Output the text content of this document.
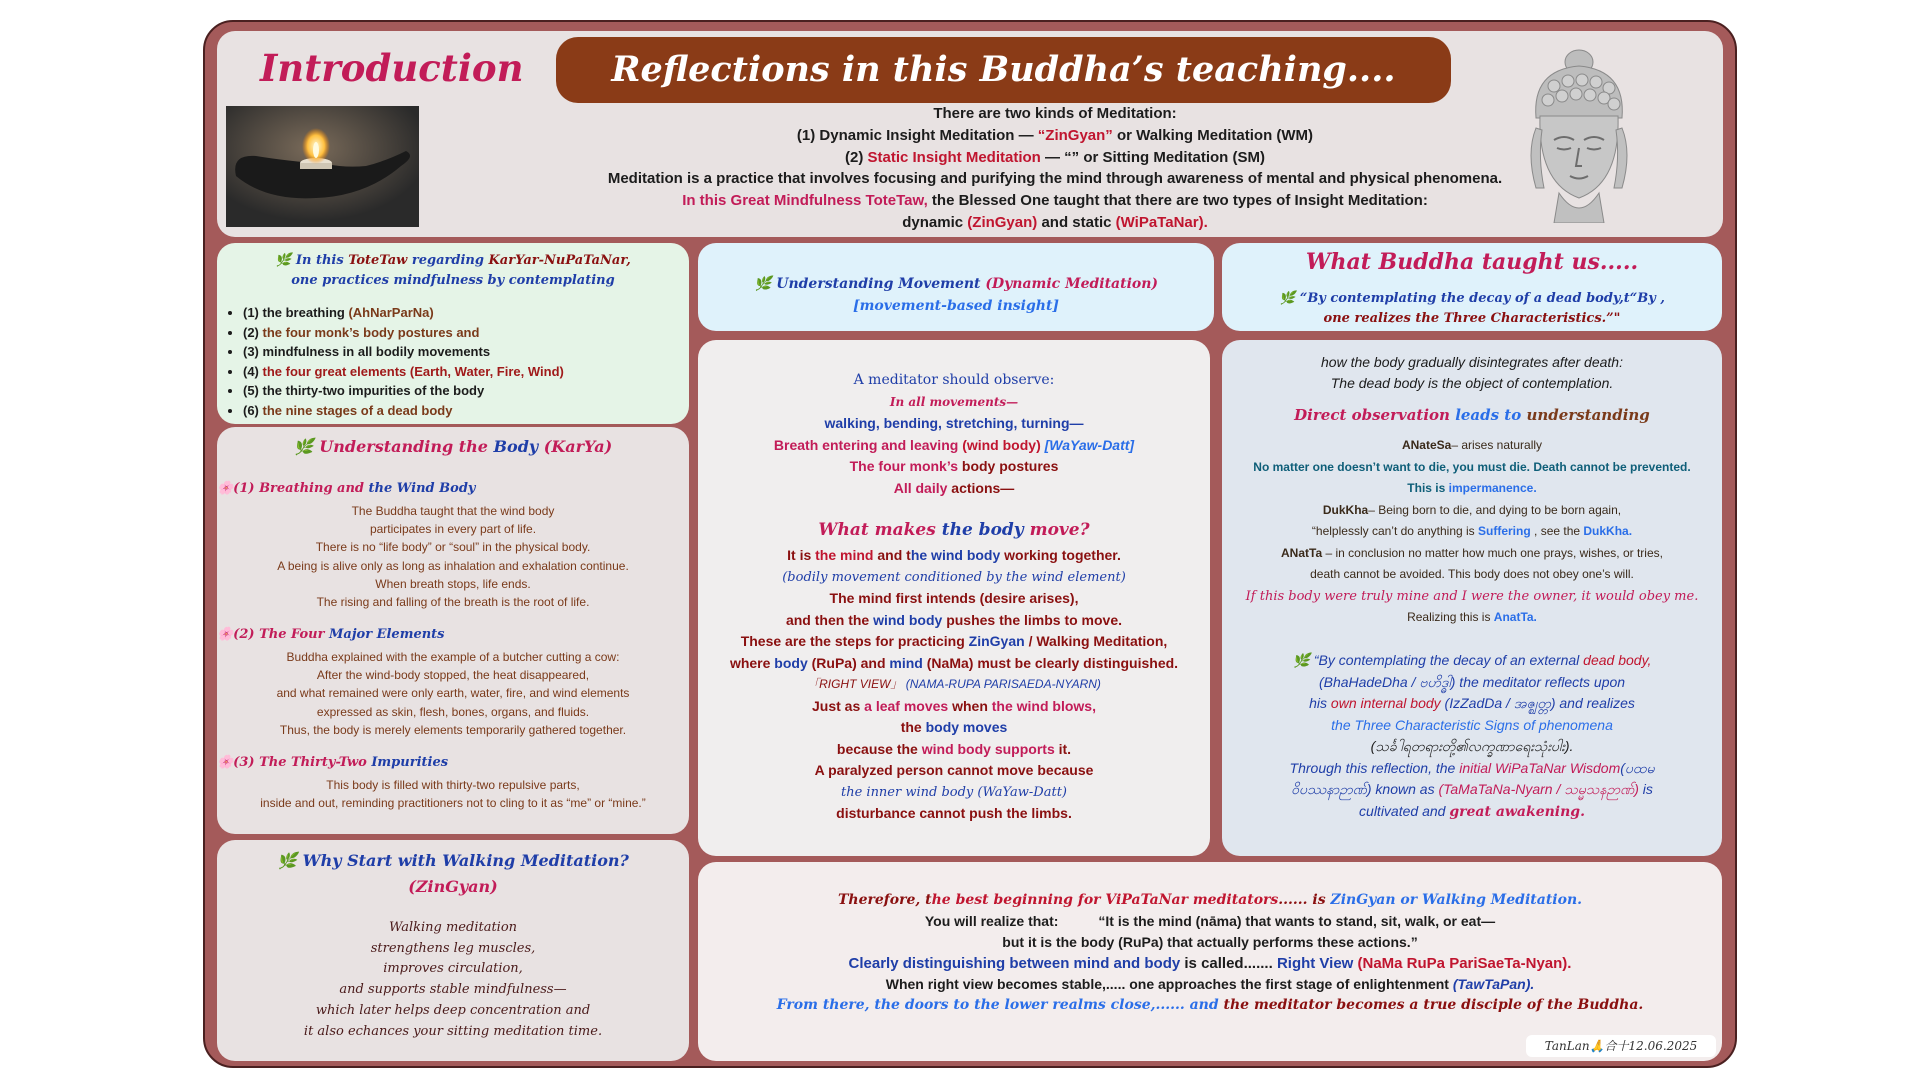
Introduction	Reflections in this Buddha’s teaching....
There are two kinds of Meditation:
(1) Dynamic Insight Meditation — “ZinGyan” or Walking Meditation (WM)
(2) Static Insight Meditation — “” or Sitting Meditation (SM)
Meditation is a practice that involves focusing and purifying the mind through awareness of mental and physical phenomena.
In this Great Mindfulness ToteTaw, the Blessed One taught that there are two types of Insight Meditation:
dynamic (ZinGyan) and static (WiPaTaNar).
🌿 In this ToteTaw regarding KarYar-NuPaTaNar,
one practices mindfulness by contemplating
• (1) the breathing (AhNarParNa)
• (2) the four monk’s body postures and
• (3) mindfulness in all bodily movements
• (4) the four great elements (Earth, Water, Fire, Wind)
• (5) the thirty-two impurities of the body
• (6) the nine stages of a dead body
🌿 Understanding Movement (Dynamic Meditation)
[movement-based insight]
What Buddha taught us.....
🌿 “By contemplating the decay of a dead body,t“By ,
one realizes the Three Characteristics.”"
🌿 Understanding the Body (KarYa)
🌸(1) Breathing and the Wind Body
The Buddha taught that the wind body
participates in every part of life.
There is no “life body” or “soul” in the physical body.
A being is alive only as long as inhalation and exhalation continue.
When breath stops, life ends.
The rising and falling of the breath is the root of life.
🌸(2) The Four Major Elements
Buddha explained with the example of a butcher cutting a cow:
After the wind-body stopped, the heat disappeared,
and what remained were only earth, water, fire, and wind elements
expressed as skin, flesh, bones, organs, and fluids.
Thus, the body is merely elements temporarily gathered together.
🌸(3) The Thirty-Two Impurities
This body is filled with thirty-two repulsive parts,
inside and out, reminding practitioners not to cling to it as “me” or “mine.”
A meditator should observe:
In all movements—
walking, bending, stretching, turning—
Breath entering and leaving (wind body) [WaYaw-Datt]
The four monk’s body postures
All daily actions—
What makes the body move?
It is the mind and the wind body working together.
(bodily movement conditioned by the wind element)
The mind first intends (desire arises),
and then the wind body pushes the limbs to move.
These are the steps for practicing ZinGyan / Walking Meditation,
where body (RuPa) and mind (NaMa) must be clearly distinguished.
「RIGHT VIEW」 (NAMA-RUPA PARISAEDA-NYARN)
Just as a leaf moves when the wind blows,
the body moves
because the wind body supports it.
A paralyzed person cannot move because
the inner wind body (WaYaw-Datt)
disturbance cannot push the limbs.
how the body gradually disintegrates after death:
The dead body is the object of contemplation.
Direct observation leads to understanding
ANateSa– arises naturally
No matter one doesn’t want to die, you must die. Death cannot be prevented.
This is impermanence.
DukKha– Being born to die, and dying to be born again,
“helplessly can’t do anything is Suffering , see the DukKha.
ANatTa – in conclusion no matter how much one prays, wishes, or tries,
death cannot be avoided. This body does not obey one’s will.
If this body were truly mine and I were the owner, it would obey me.
Realizing this is AnatTa.
🌿 “By contemplating the decay of an external dead body,
(BhaHadeDha / ဗဟိဒ္ဓါ) the meditator reflects upon
his own internal body (IzZadDa / အဇ္ဈတ္တ) and realizes
the Three Characteristic Signs of phenomena
(သင်္ခါရတရားတို့၏လက္ခဏာရေးသုံးပါး).
Through this reflection, the initial WiPaTaNar Wisdom(ပထမ
ဝိပဿနာဉာဏ်) known as (TaMaTaNa-Nyarn / သမ္မသနဉာဏ်) is
cultivated and great awakening.
🌿 Why Start with Walking Meditation?
(ZinGyan)
Walking meditation
strengthens leg muscles,
improves circulation,
and supports stable mindfulness—
which later helps deep concentration and
it also echances your sitting meditation time.
Therefore, the best beginning for ViPaTaNar meditators...... is ZinGyan or Walking Meditation.
You will realize that:	“It is the mind (nāma) that wants to stand, sit, walk, or eat—
but it is the body (RuPa) that actually performs these actions.”
Clearly distinguishing between mind and body is called....... Right View (NaMa RuPa PariSaeTa-Nyan).
When right view becomes stable,..... one approaches the first stage of enlightenment (TawTaPan).
From there, the doors to the lower realms close,...... and the meditator becomes a true disciple of the Buddha.
TanLan🙏合十12.06.2025
